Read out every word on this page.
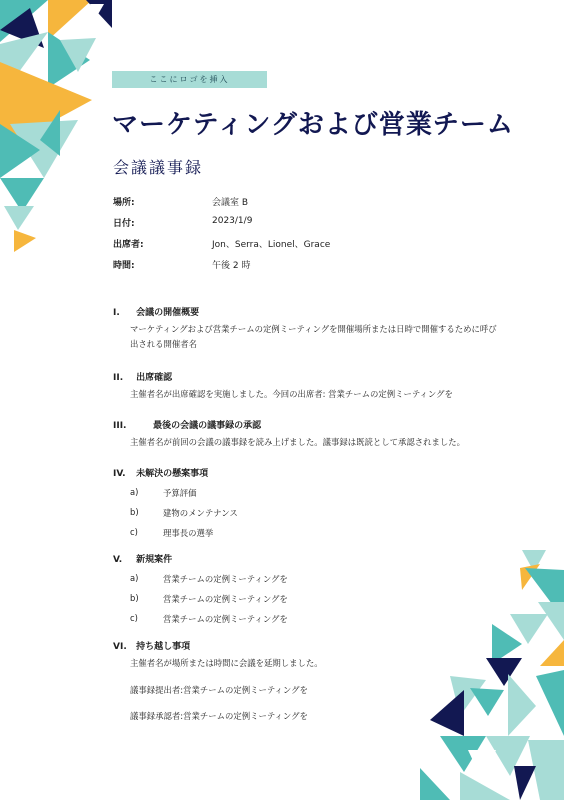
ここにロゴを挿入
マーケティングおよび営業チーム
会議議事録
場所:	会議室 B
日付:	2023/1/9
出席者:	Jon、Serra、Lionel、Grace
時間:	午後 2 時
I. 会議の開催概要
マーケティングおよび営業チームの定例ミーティングを開催場所または日時で開催するために呼び出される開催者名
II. 出席確認
主催者名が出席確認を実施しました。今回の出席者: 営業チームの定例ミーティングを
III.	最後の会議の議事録の承認
主催者名が前回の会議の議事録を読み上げました。議事録は既読として承認されました。
IV. 未解決の懸案事項
a)	予算評価
b)	建物のメンテナンス
c)	理事長の選挙
V. 新規案件
a)	営業チームの定例ミーティングを
b)	営業チームの定例ミーティングを
c)	営業チームの定例ミーティングを
VI. 持ち越し事項
主催者名が場所または時間に会議を延期しました。
議事録提出者:営業チームの定例ミーティングを
議事録承認者:営業チームの定例ミーティングを
